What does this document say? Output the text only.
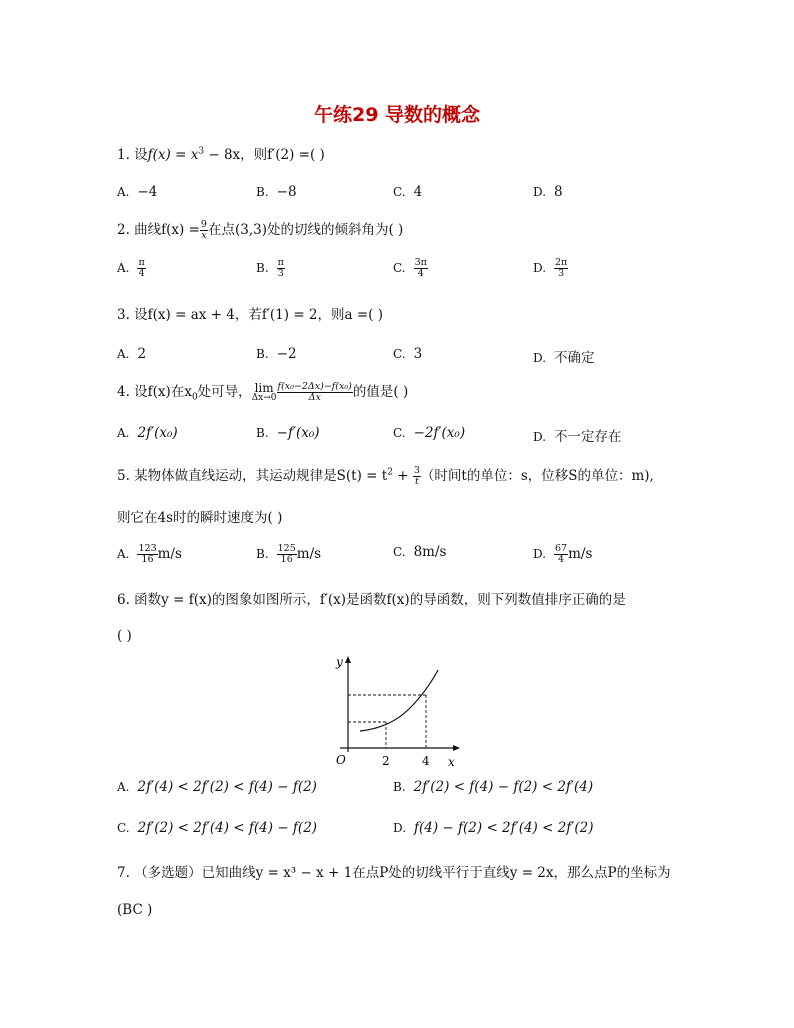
午练29 导数的概念
1. 设$f(x) = x^3 - 8x$，则f′(2) =( )
A. −4	B. −8	C. 4	D. 8
2. 曲线$f(x) = \frac{9}{x}$ 在点(3,3)处的切线的倾斜角为( )
A. $\frac{\pi}{4}$	B. $\frac{\pi}{3}$	C. $\frac{3\pi}{4}$	D. $\frac{2\pi}{3}$
3. 设f(x) = ax + 4，若f′(1) = 2，则a =( )
A. 2	B. −2	C. 3	D. 不确定
4. 设f(x)在$x_0$处可导， lim
$\Delta x\to 0 \frac{\text{f(x₀−2Δx)−f(x₀)}}{\Delta x}$ 的值是( )
A. 2f′(x₀)	B. −f′(x₀)	C. −2f′(x₀)	D. 不一定存在
5. 某物体做直线运动，其运动规律是$S(t) = t^2 + \frac{3}{t}$ （时间t的单位：s，位移S的单位：m),
则它在4s时的瞬时速度为( )
A. $\frac{123}{16} m/s$	B. $\frac{125}{16} m/s$	C. 8m/s	D. $\frac{67}{4} m/s$
6. 函数y = f(x)的图象如图所示，f′(x)是函数f(x)的导函数，则下列数值排序正确的是
( )
y
x
O	2	4
A. 2f′(4) < 2f′(2) < f(4) − f(2)	B. 2f′(2) < f(4) − f(2) < 2f′(4)
C. 2f′(2) < 2f′(4) < f(4) − f(2)	D. f(4) − f(2) < 2f′(4) < 2f′(2)
7. （多选题）已知曲线y = x³ − x + 1在点P处的切线平行于直线y = 2x，那么点P的坐标为
(BC )
